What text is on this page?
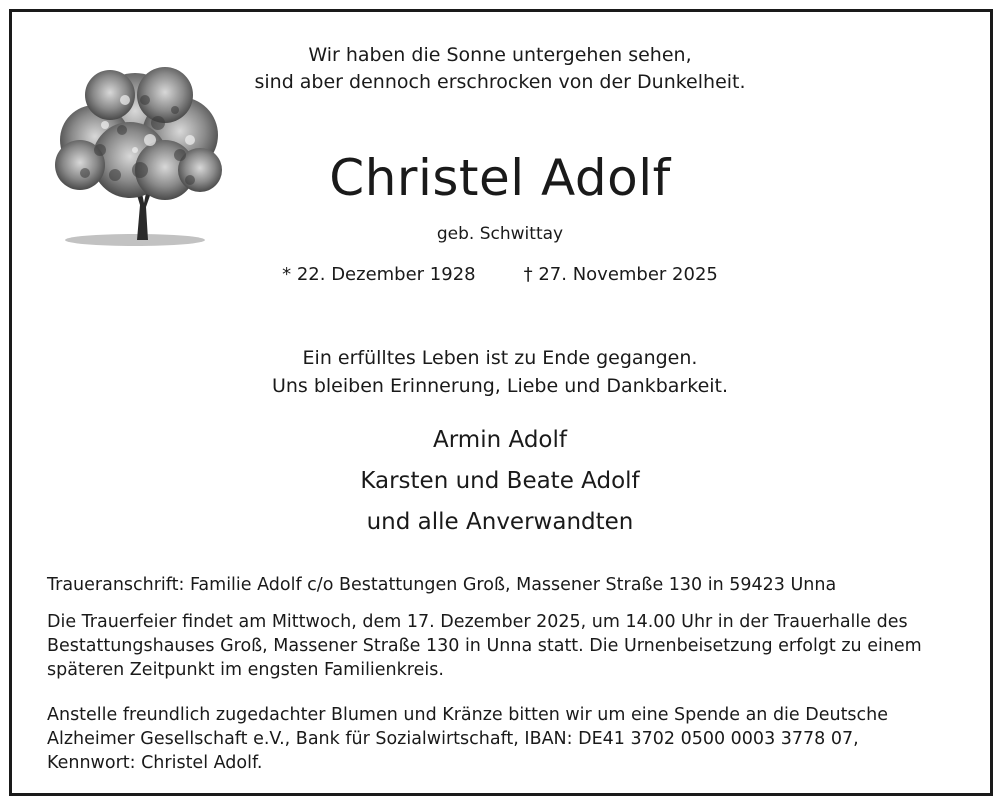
Wir haben die Sonne untergehen sehen,
sind aber dennoch erschrocken von der Dunkelheit.
Christel Adolf
geb. Schwittay
* 22. Dezember 1928	† 27. November 2025
Ein erfülltes Leben ist zu Ende gegangen.
Uns bleiben Erinnerung, Liebe und Dankbarkeit.
Armin Adolf
Karsten und Beate Adolf
und alle Anverwandten
Traueranschrift: Familie Adolf c/o Bestattungen Groß, Massener Straße 130 in 59423 Unna
Die Trauerfeier findet am Mittwoch, dem 17. Dezember 2025, um 14.00 Uhr in der Trauerhalle des
Bestattungshauses Groß, Massener Straße 130 in Unna statt. Die Urnenbeisetzung erfolgt zu einem
späteren Zeitpunkt im engsten Familienkreis.
Anstelle freundlich zugedachter Blumen und Kränze bitten wir um eine Spende an die Deutsche
Alzheimer Gesellschaft e.V., Bank für Sozialwirtschaft, IBAN: DE41 3702 0500 0003 3778 07,
Kennwort: Christel Adolf.
